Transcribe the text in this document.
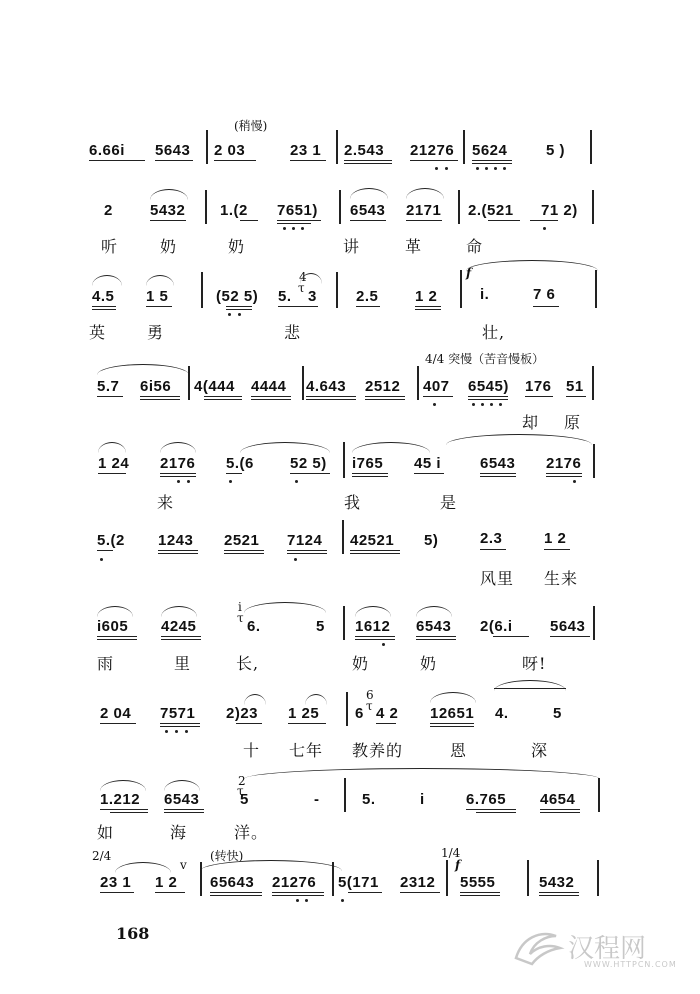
(稍慢)
6.66i 5643 2 03	23 1 2.543 21276 5624	5 )
2 5432 1.(2 7651) 6543 2171 2.(521 71 2)
听	奶	奶	讲	革	命
4.5 1 5	(52 5) 5. 3	2.5 1 2	i.	7 6
4
τ
f
英	勇	悲	壮,
4/4 突慢（苦音慢板）
5.7 6i56 4(444 4444 4.643 2512 407 6545) 176 51
却 原
1 24 2176 5.(6 52 5) i765 45 i	6543 2176
来	我	是
5.(2 1243 2521 7124 42521 5)	2.3	1 2
风里 生来
i605 4245	6.	5 1612 6543 2(6.i 5643
i
τ
雨	里	长,	奶	奶	呀!
2 04 7571 2)23 1 25 6 4 2 12651 4.	5
6
τ
十 七年 教养的	恩	深
1.212 6543	5	-	5.	i	6.765 4654
2
τ
如	海	洋。
2/4	(转快)	1/4
v	f
23 1 1 2 65643 21276 5(171 2312 5555	5432
168
汉程网
WWW.HTTPCN.COM
